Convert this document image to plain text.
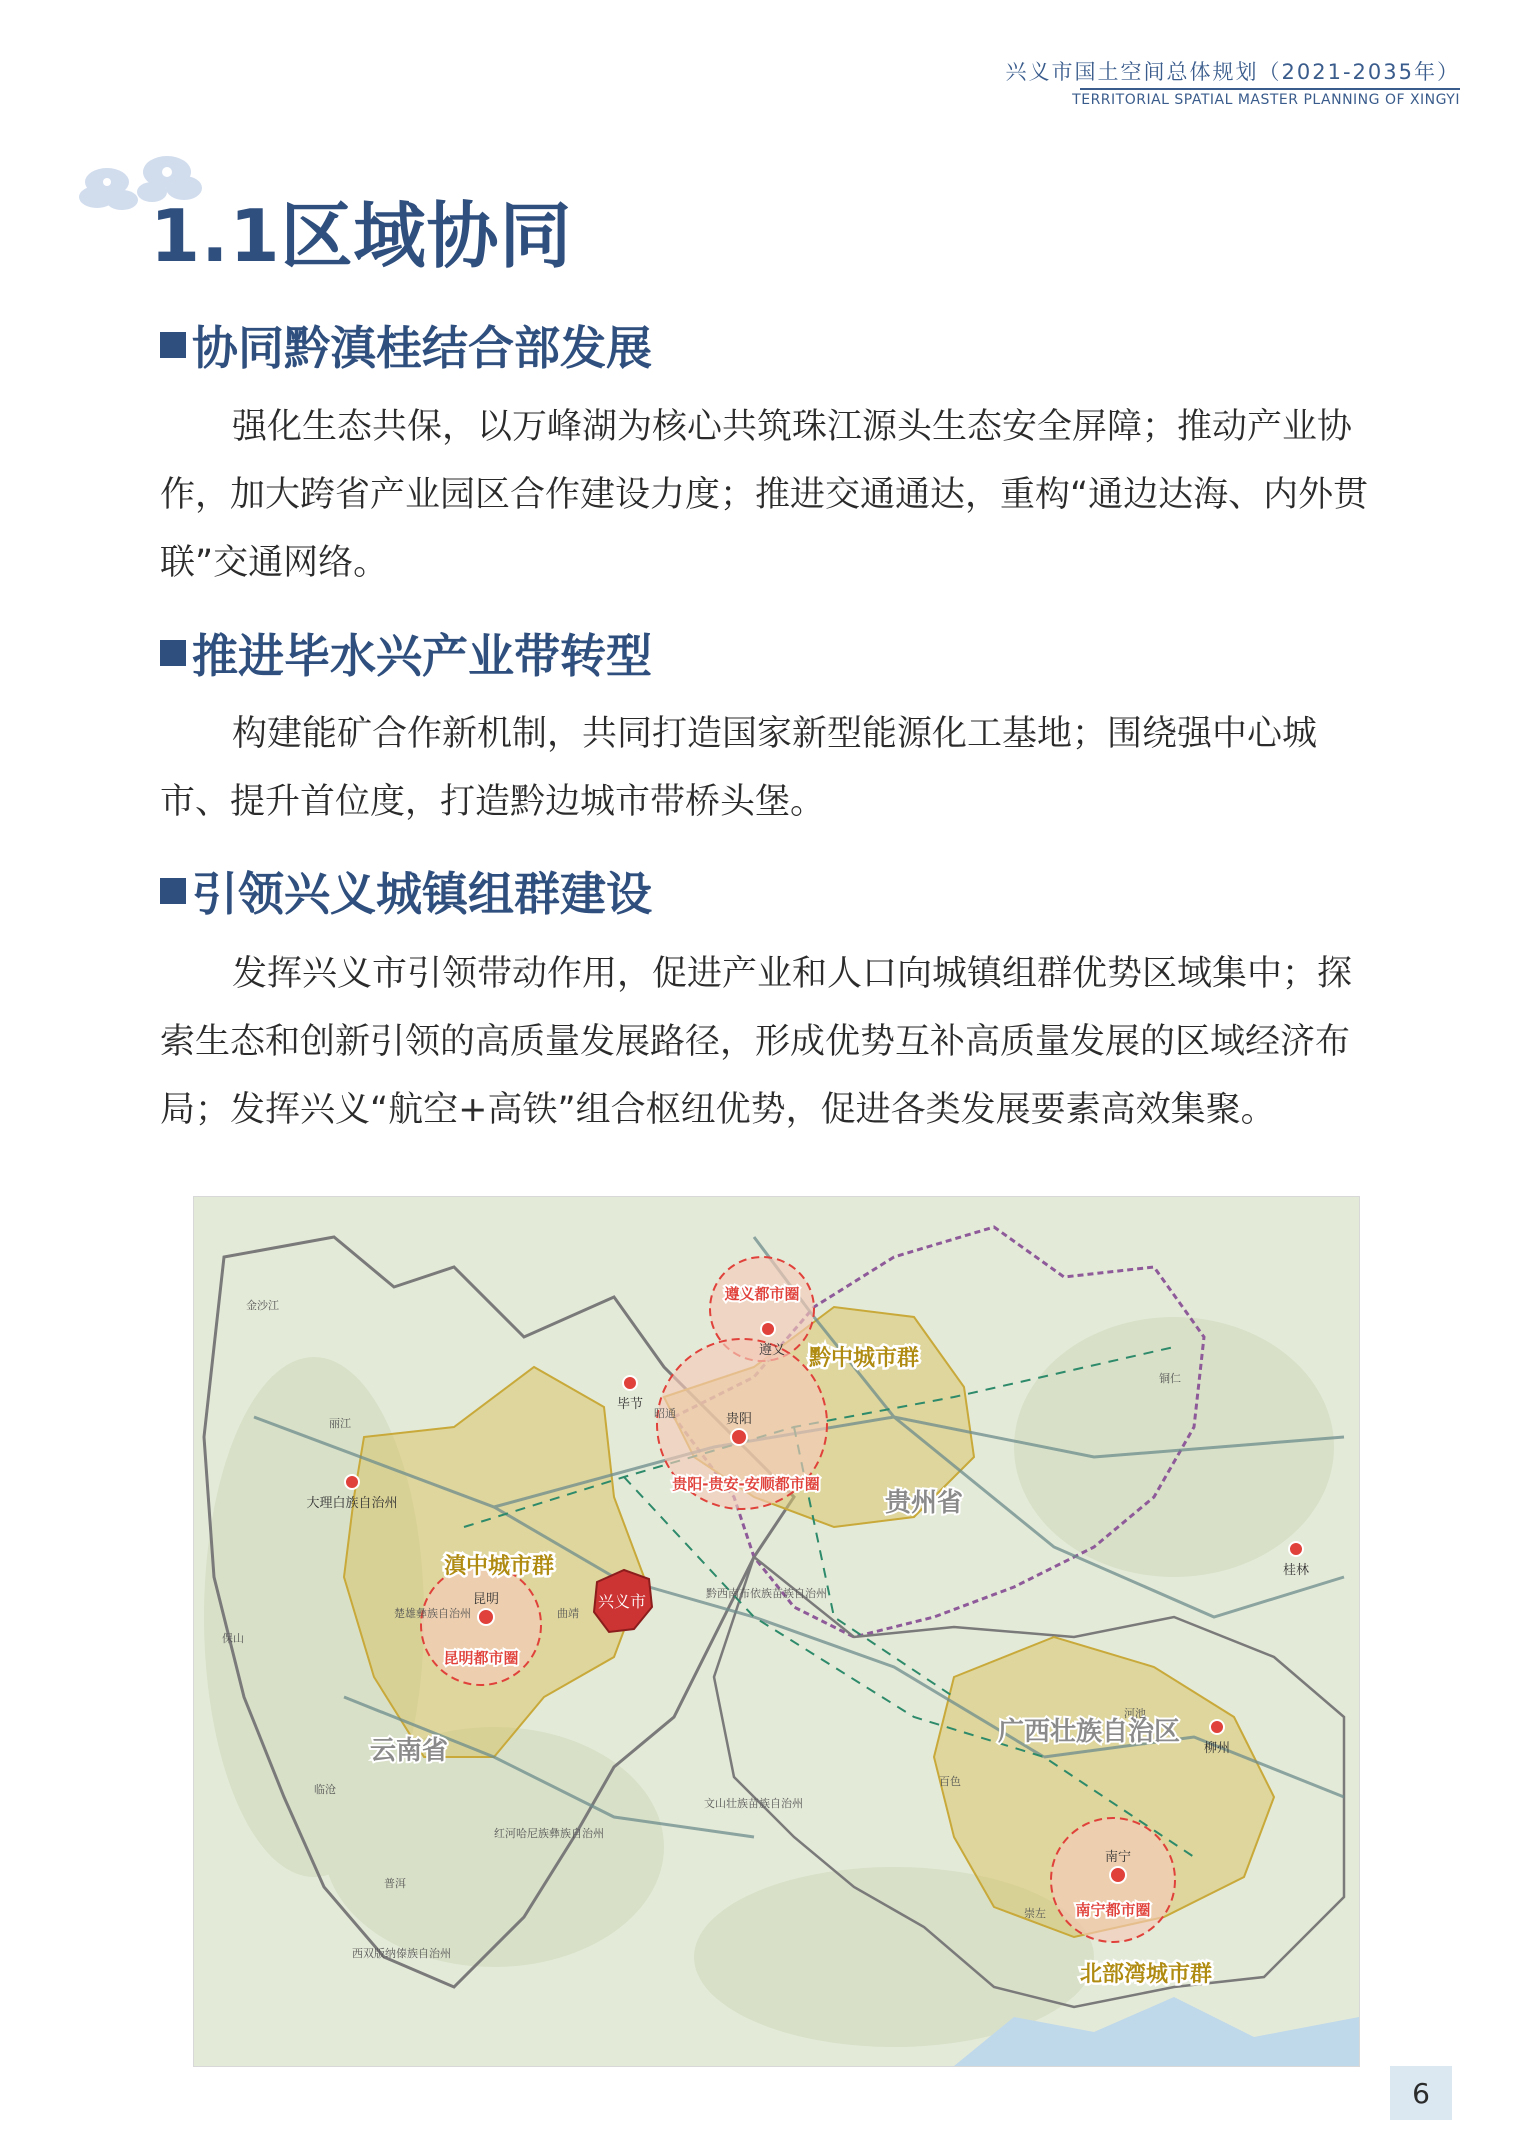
兴义市国土空间总体规划（2021-2035年）
TERRITORIAL SPATIAL MASTER PLANNING OF XINGYI
1.1区域协同
协同黔滇桂结合部发展
强化生态共保，以万峰湖为核心共筑珠江源头生态安全屏障；推动产业协作，加大跨省产业园区合作建设力度；推进交通通达，重构“通边达海、内外贯联”交通网络。
推进毕水兴产业带转型
构建能矿合作新机制，共同打造国家新型能源化工基地；围绕强中心城市、提升首位度，打造黔边城市带桥头堡。
引领兴义城镇组群建设
发挥兴义市引领带动作用，促进产业和人口向城镇组群优势区域集中；探索生态和创新引领的高质量发展路径，形成优势互补高质量发展的区域经济布局；发挥兴义“航空+高铁”组合枢纽优势，促进各类发展要素高效集聚。
兴义市
遵义
毕节
贵阳
昆明
南宁
桂林
柳州
大理白族自治州
遵义都市圈
贵阳-贵安-安顺都市圈
昆明都市圈
南宁都市圈
黔中城市群
滇中城市群
北部湾城市群
贵州省
云南省
广西壮族自治区
黔西南布依族苗族自治州
金沙江
丽江
昭通
曲靖
保山
临沧
普洱
西双版纳傣族自治州
楚雄彝族自治州
红河哈尼族彝族自治州
文山壮族苗族自治州
百色
河池
崇左
铜仁
6
